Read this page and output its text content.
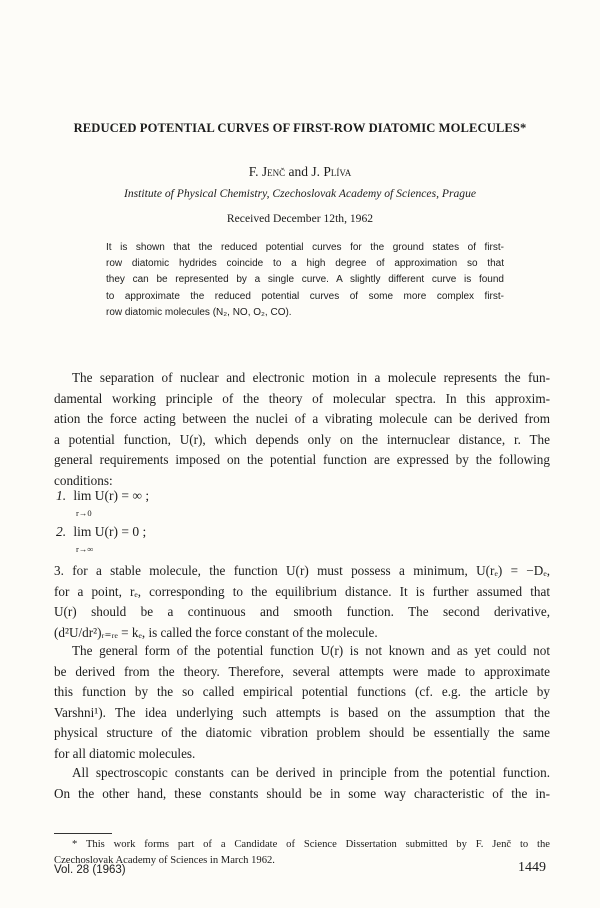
REDUCED POTENTIAL CURVES OF FIRST-ROW DIATOMIC MOLECULES*
F. Jenč and J. Plíva
Institute of Physical Chemistry, Czechoslovak Academy of Sciences, Prague
Received December 12th, 1962
It is shown that the reduced potential curves for the ground states of first-
row diatomic hydrides coincide to a high degree of approximation so that
they can be represented by a single curve. A slightly different curve is found
to approximate the reduced potential curves of some more complex first-
row diatomic molecules (N₂, NO, O₂, CO).
The separation of nuclear and electronic motion in a molecule represents the fun-
damental working principle of the theory of molecular spectra. In this approxim-
ation the force acting between the nuclei of a vibrating molecule can be derived from
a potential function, U(r), which depends only on the internuclear distance, r. The
general requirements imposed on the potential function are expressed by the following
conditions:
1. lim U(r) = ∞ ;
r→0
2. lim U(r) = 0 ;
r→∞
3. for a stable molecule, the function U(r) must possess a minimum, U(rₑ) = −Dₑ,
for a point, rₑ, corresponding to the equilibrium distance. It is further assumed that
U(r) should be a continuous and smooth function. The second derivative,
(d²U/dr²)ᵣ₌ᵣₑ = kₑ, is called the force constant of the molecule.
The general form of the potential function U(r) is not known and as yet could not
be derived from the theory. Therefore, several attempts were made to approximate
this function by the so called empirical potential functions (cf. e.g. the article by
Varshni¹). The idea underlying such attempts is based on the assumption that the
physical structure of the diatomic vibration problem should be essentially the same
for all diatomic molecules.
All spectroscopic constants can be derived in principle from the potential function.
On the other hand, these constants should be in some way characteristic of the in-
* This work forms part of a Candidate of Science Dissertation submitted by F. Jenč to the
Czechoslovak Academy of Sciences in March 1962.
Vol. 28 (1963)	1449
